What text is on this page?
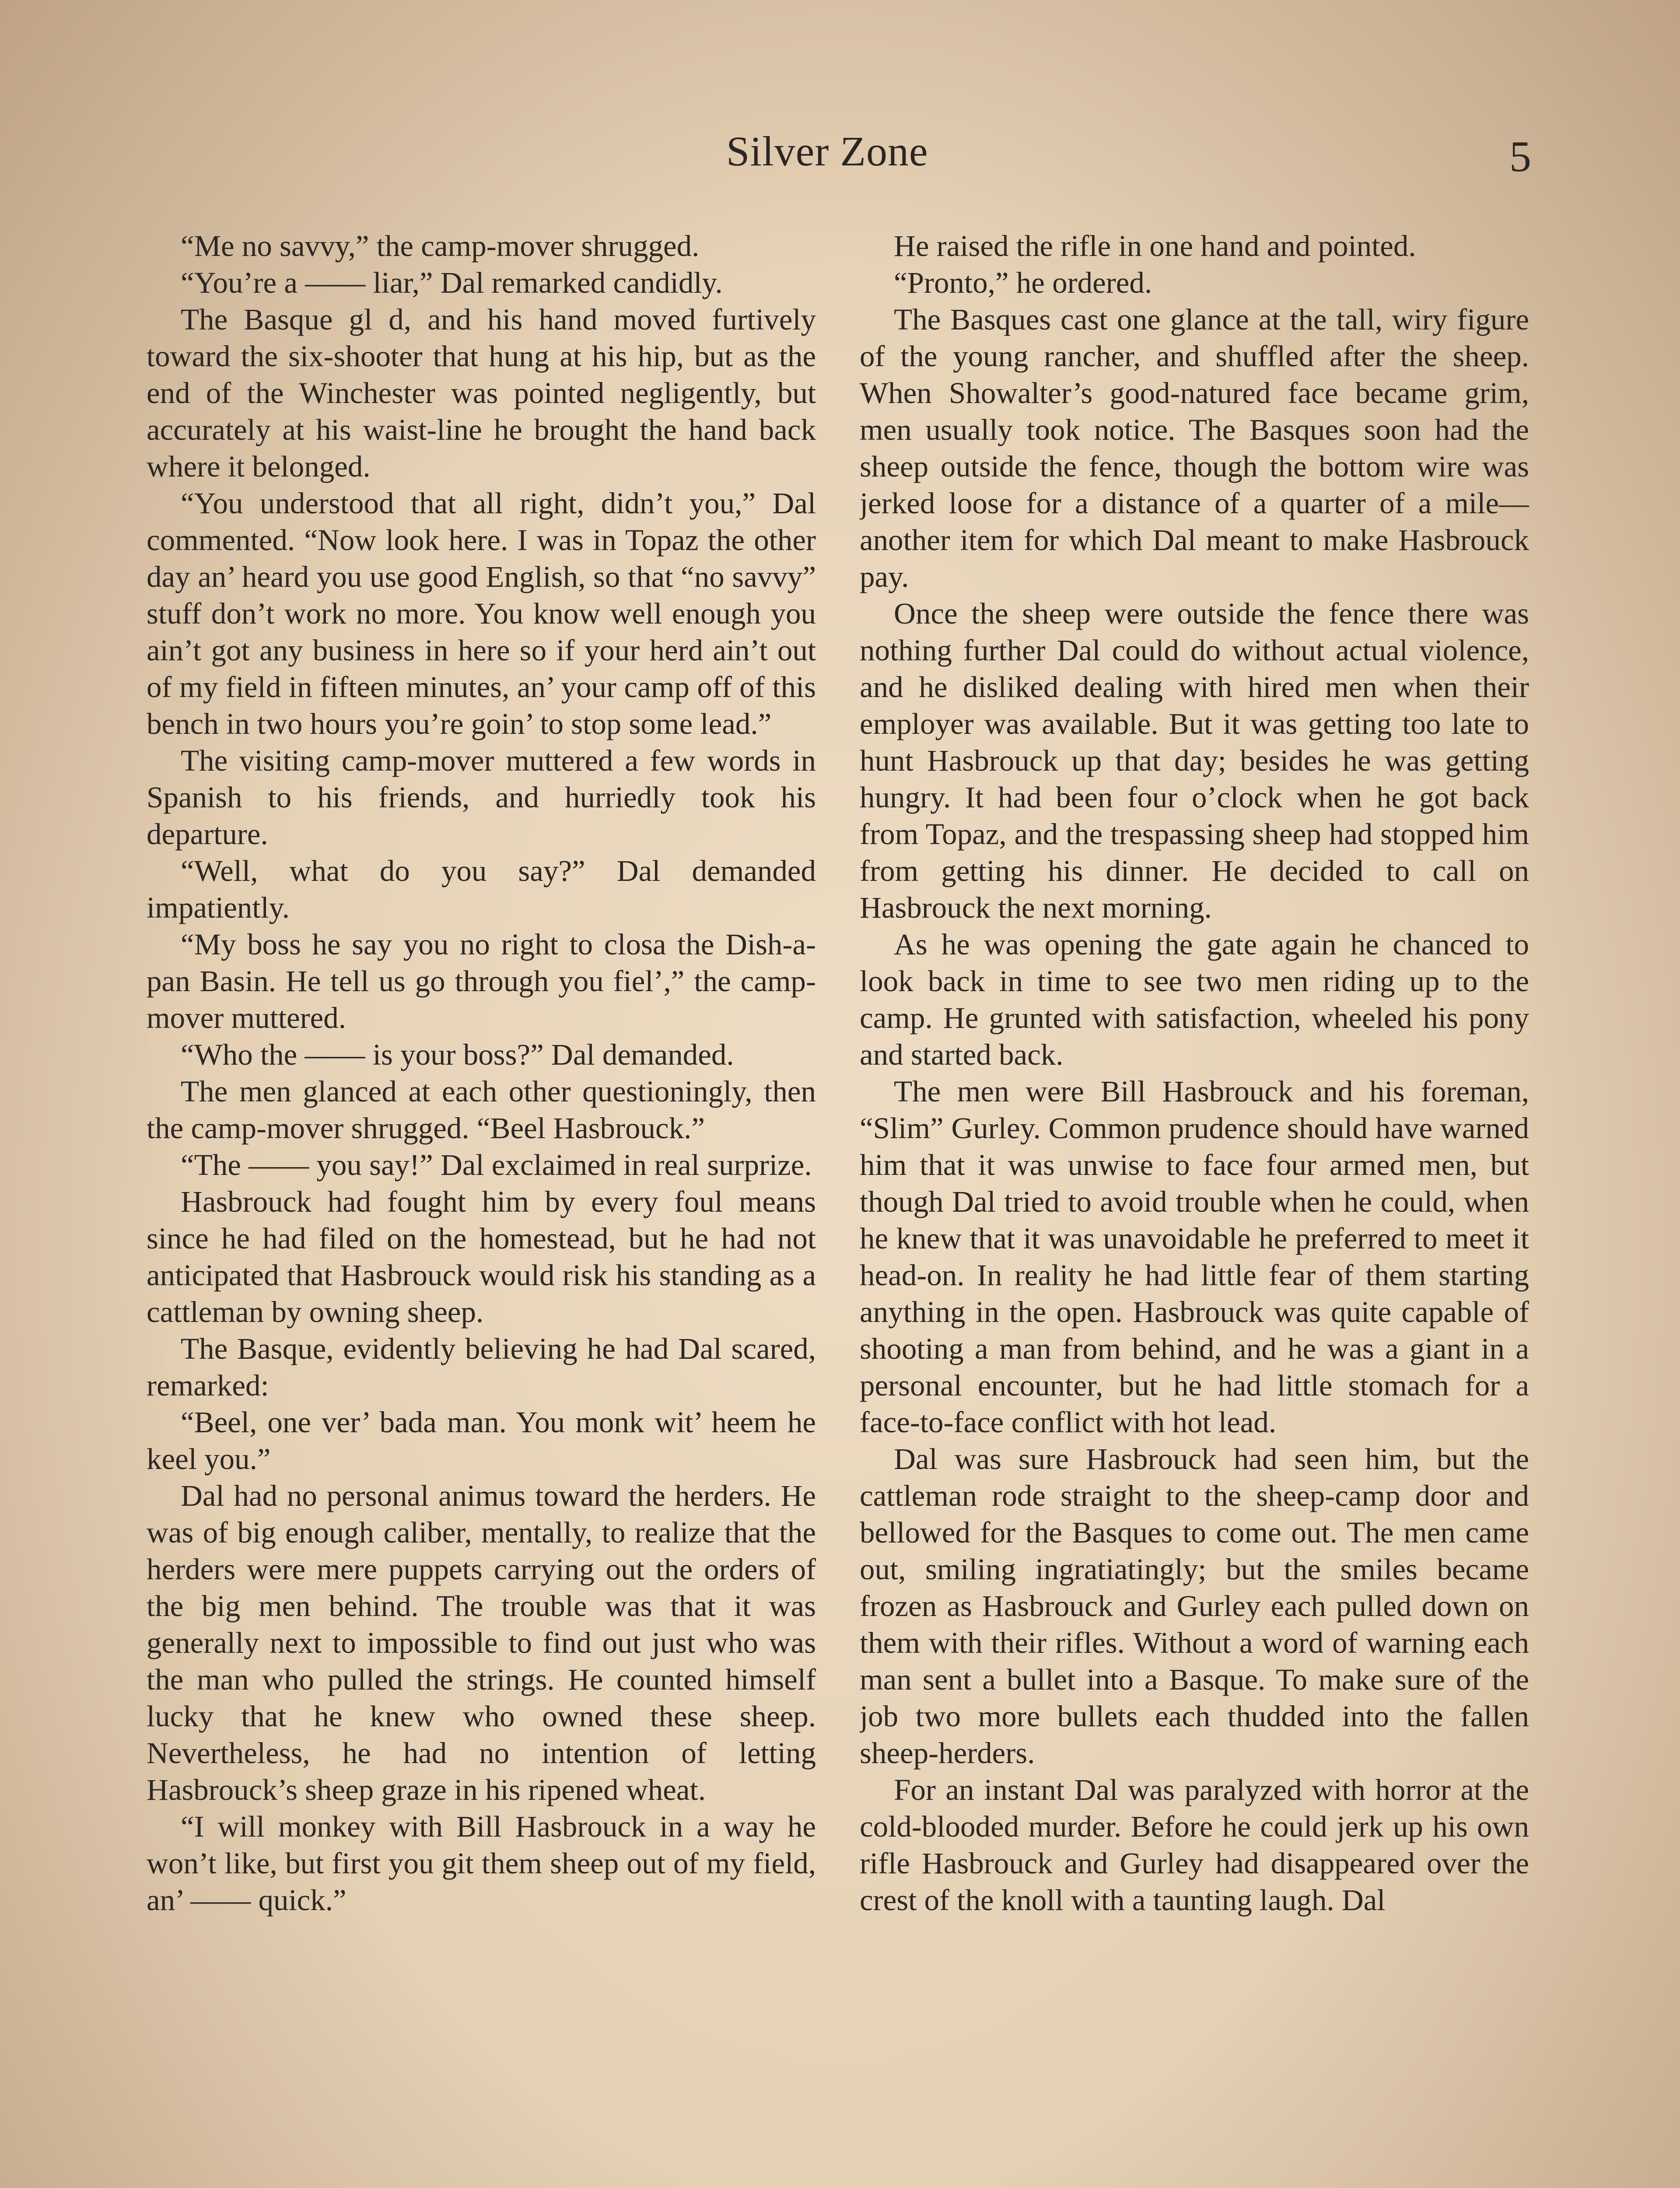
Silver Zone	5

“Me no savvy,” the camp-mover shrugged.

“You’re a —— liar,” Dal remarked candidly.

The Basque gl d, and his hand moved furtively toward the six-shooter that hung at his hip, but as the end of the Winchester was pointed negligently, but accurately at his waist-line he brought the hand back where it belonged.

“You understood that all right, didn’t you,” Dal commented. “Now look here. I was in Topaz the other day an’ heard you use good English, so that “no savvy” stuff don’t work no more. You know well enough you ain’t got any business in here so if your herd ain’t out of my field in fifteen minutes, an’ your camp off of this bench in two hours you’re goin’ to stop some lead.”

The visiting camp-mover muttered a few words in Spanish to his friends, and hurriedly took his departure.

“Well, what do you say?” Dal demanded impatiently.

“My boss he say you no right to closa the Dish-a-pan Basin. He tell us go through you fiel’,” the camp-mover muttered.

“Who the —— is your boss?” Dal demanded.

The men glanced at each other questioningly, then the camp-mover shrugged. “Beel Hasbrouck.”

“The —— you say!” Dal exclaimed in real surprize.

Hasbrouck had fought him by every foul means since he had filed on the homestead, but he had not anticipated that Hasbrouck would risk his standing as a cattleman by owning sheep.

The Basque, evidently believing he had Dal scared, remarked:

“Beel, one ver’ bada man. You monk wit’ heem he keel you.”

Dal had no personal animus toward the herders. He was of big enough caliber, mentally, to realize that the herders were mere puppets carrying out the orders of the big men behind. The trouble was that it was generally next to impossible to find out just who was the man who pulled the strings. He counted himself lucky that he knew who owned these sheep. Nevertheless, he had no intention of letting Hasbrouck’s sheep graze in his ripened wheat.

“I will monkey with Bill Hasbrouck in a way he won’t like, but first you git them sheep out of my field, an’ —— quick.”

He raised the rifle in one hand and pointed.

“Pronto,” he ordered.

The Basques cast one glance at the tall, wiry figure of the young rancher, and shuffled after the sheep. When Showalter’s good-natured face became grim, men usually took notice. The Basques soon had the sheep outside the fence, though the bottom wire was jerked loose for a distance of a quarter of a mile—another item for which Dal meant to make Hasbrouck pay.

Once the sheep were outside the fence there was nothing further Dal could do without actual violence, and he disliked dealing with hired men when their employer was available. But it was getting too late to hunt Hasbrouck up that day; besides he was getting hungry. It had been four o’clock when he got back from Topaz, and the trespassing sheep had stopped him from getting his dinner. He decided to call on Hasbrouck the next morning.

As he was opening the gate again he chanced to look back in time to see two men riding up to the camp. He grunted with satisfaction, wheeled his pony and started back.

The men were Bill Hasbrouck and his foreman, “Slim” Gurley. Common prudence should have warned him that it was unwise to face four armed men, but though Dal tried to avoid trouble when he could, when he knew that it was unavoidable he preferred to meet it head-on. In reality he had little fear of them starting anything in the open. Hasbrouck was quite capable of shooting a man from behind, and he was a giant in a personal encounter, but he had little stomach for a face-to-face conflict with hot lead.

Dal was sure Hasbrouck had seen him, but the cattleman rode straight to the sheep-camp door and bellowed for the Basques to come out. The men came out, smiling ingratiatingly; but the smiles became frozen as Hasbrouck and Gurley each pulled down on them with their rifles. Without a word of warning each man sent a bullet into a Basque. To make sure of the job two more bullets each thudded into the fallen sheep-herders.

For an instant Dal was paralyzed with horror at the cold-blooded murder. Before he could jerk up his own rifle Hasbrouck and Gurley had disappeared over the crest of the knoll with a taunting laugh. Dal
